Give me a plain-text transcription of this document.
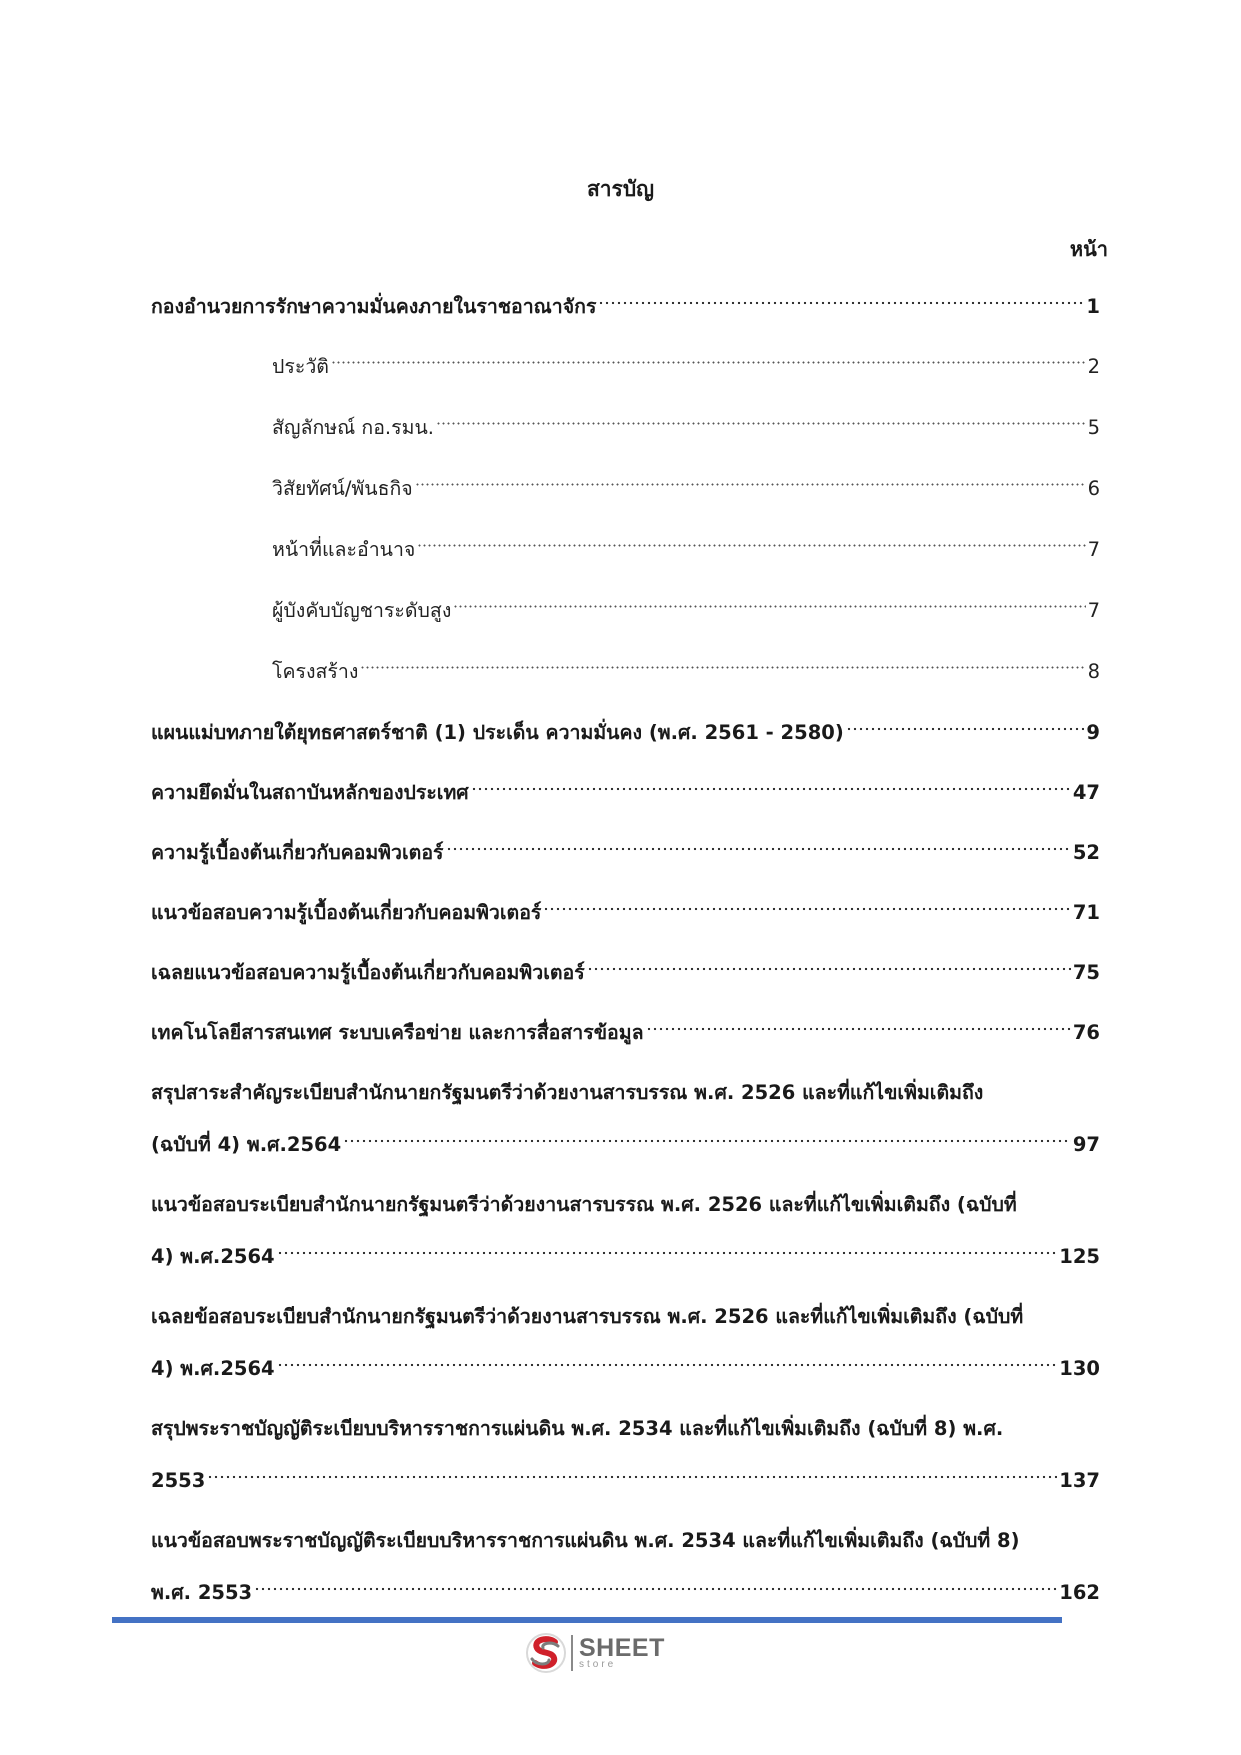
สารบัญ
หน้า
กองอำนวยการรักษาความมั่นคงภายในราชอาณาจักร	1
ประวัติ	2
สัญลักษณ์ กอ.รมน.	5
วิสัยทัศน์/พันธกิจ	6
หน้าที่และอำนาจ	7
ผู้บังคับบัญชาระดับสูง	7
โครงสร้าง	8
แผนแม่บทภายใต้ยุทธศาสตร์ชาติ (1) ประเด็น ความมั่นคง (พ.ศ. 2561 - 2580)	9
ความยึดมั่นในสถาบันหลักของประเทศ	47
ความรู้เบื้องต้นเกี่ยวกับคอมพิวเตอร์	52
แนวข้อสอบความรู้เบื้องต้นเกี่ยวกับคอมพิวเตอร์	71
เฉลยแนวข้อสอบความรู้เบื้องต้นเกี่ยวกับคอมพิวเตอร์	75
เทคโนโลยีสารสนเทศ ระบบเครือข่าย และการสื่อสารข้อมูล	76
สรุปสาระสำคัญระเบียบสำนักนายกรัฐมนตรีว่าด้วยงานสารบรรณ พ.ศ. 2526 และที่แก้ไขเพิ่มเติมถึง
(ฉบับที่ 4) พ.ศ.2564	97
แนวข้อสอบระเบียบสำนักนายกรัฐมนตรีว่าด้วยงานสารบรรณ พ.ศ. 2526 และที่แก้ไขเพิ่มเติมถึง (ฉบับที่
4) พ.ศ.2564	125
เฉลยข้อสอบระเบียบสำนักนายกรัฐมนตรีว่าด้วยงานสารบรรณ พ.ศ. 2526 และที่แก้ไขเพิ่มเติมถึง (ฉบับที่
4) พ.ศ.2564	130
สรุปพระราชบัญญัติระเบียบบริหารราชการแผ่นดิน พ.ศ. 2534 และที่แก้ไขเพิ่มเติมถึง (ฉบับที่ 8) พ.ศ.
2553	137
แนวข้อสอบพระราชบัญญัติระเบียบบริหารราชการแผ่นดิน พ.ศ. 2534 และที่แก้ไขเพิ่มเติมถึง (ฉบับที่ 8)
พ.ศ. 2553	162
SHEET
store
